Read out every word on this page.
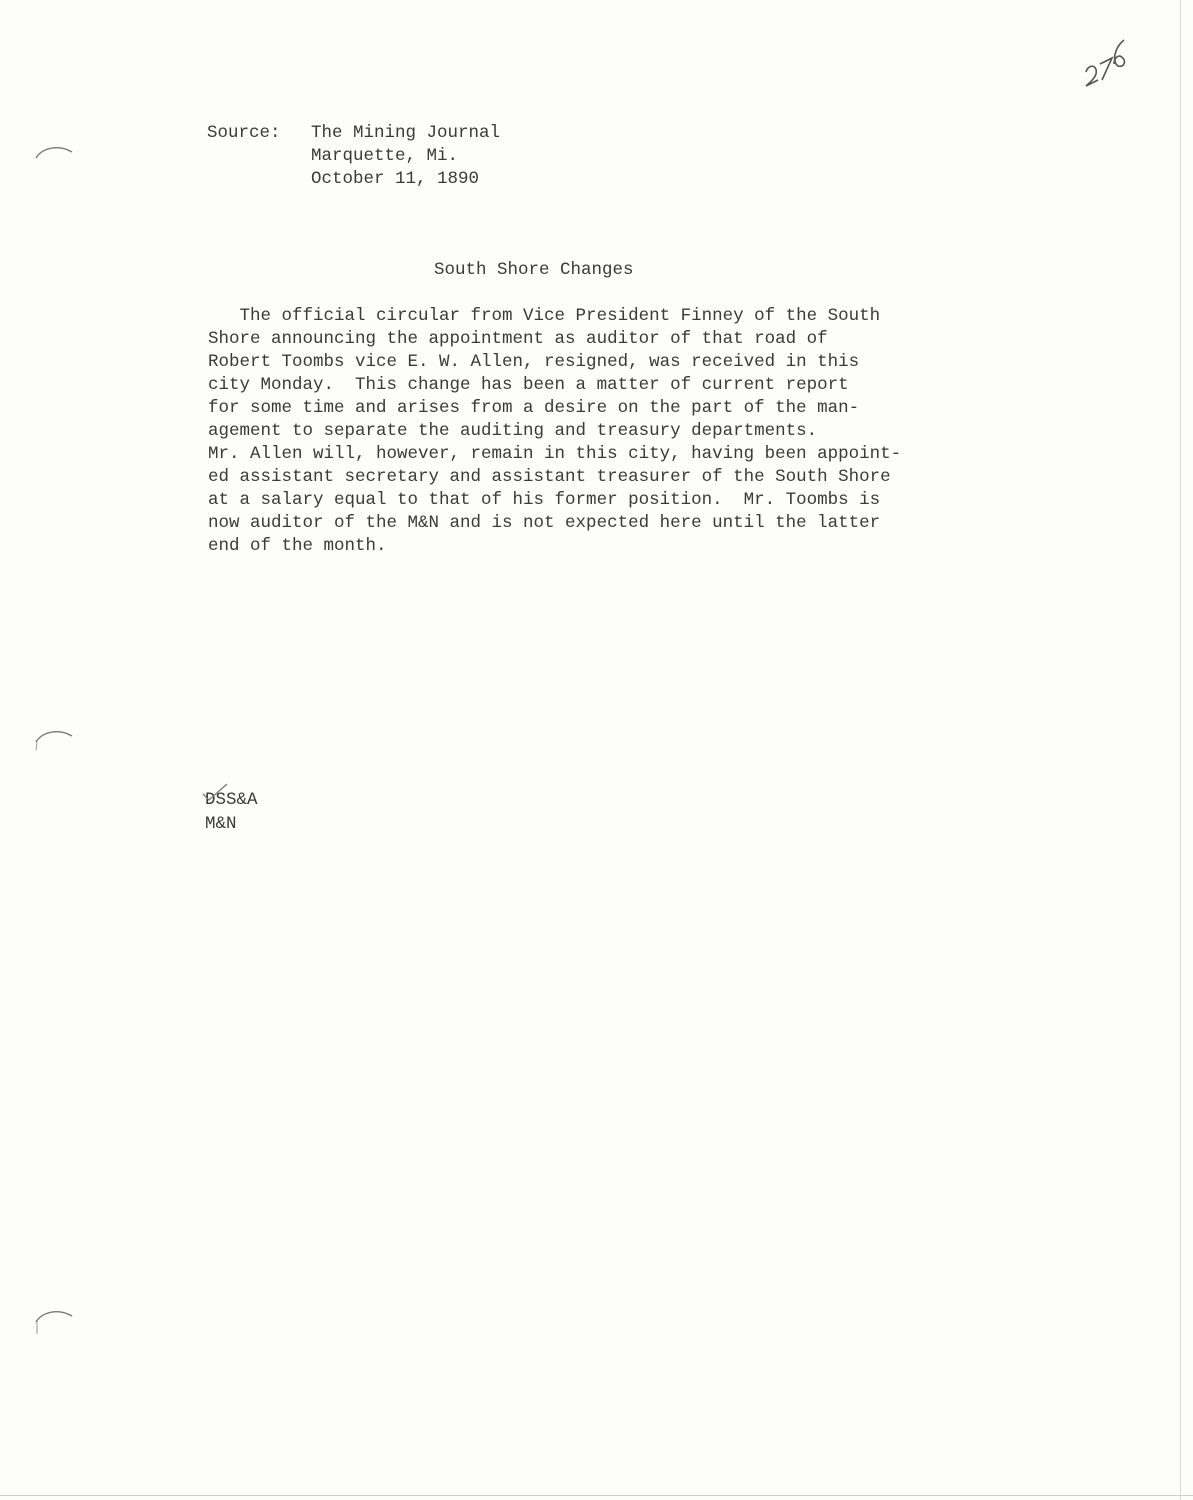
Source:	The Mining Journal
Marquette, Mi.
October 11, 1890
South Shore Changes
The official circular from Vice President Finney of the South
Shore announcing the appointment as auditor of that road of
Robert Toombs vice E. W. Allen, resigned, was received in this
city Monday.  This change has been a matter of current report
for some time and arises from a desire on the part of the man-
agement to separate the auditing and treasury departments.
Mr. Allen will, however, remain in this city, having been appoint-
ed assistant secretary and assistant treasurer of the South Shore
at a salary equal to that of his former position.  Mr. Toombs is
now auditor of the M&N and is not expected here until the latter
end of the month.
DSS&A
M&N
